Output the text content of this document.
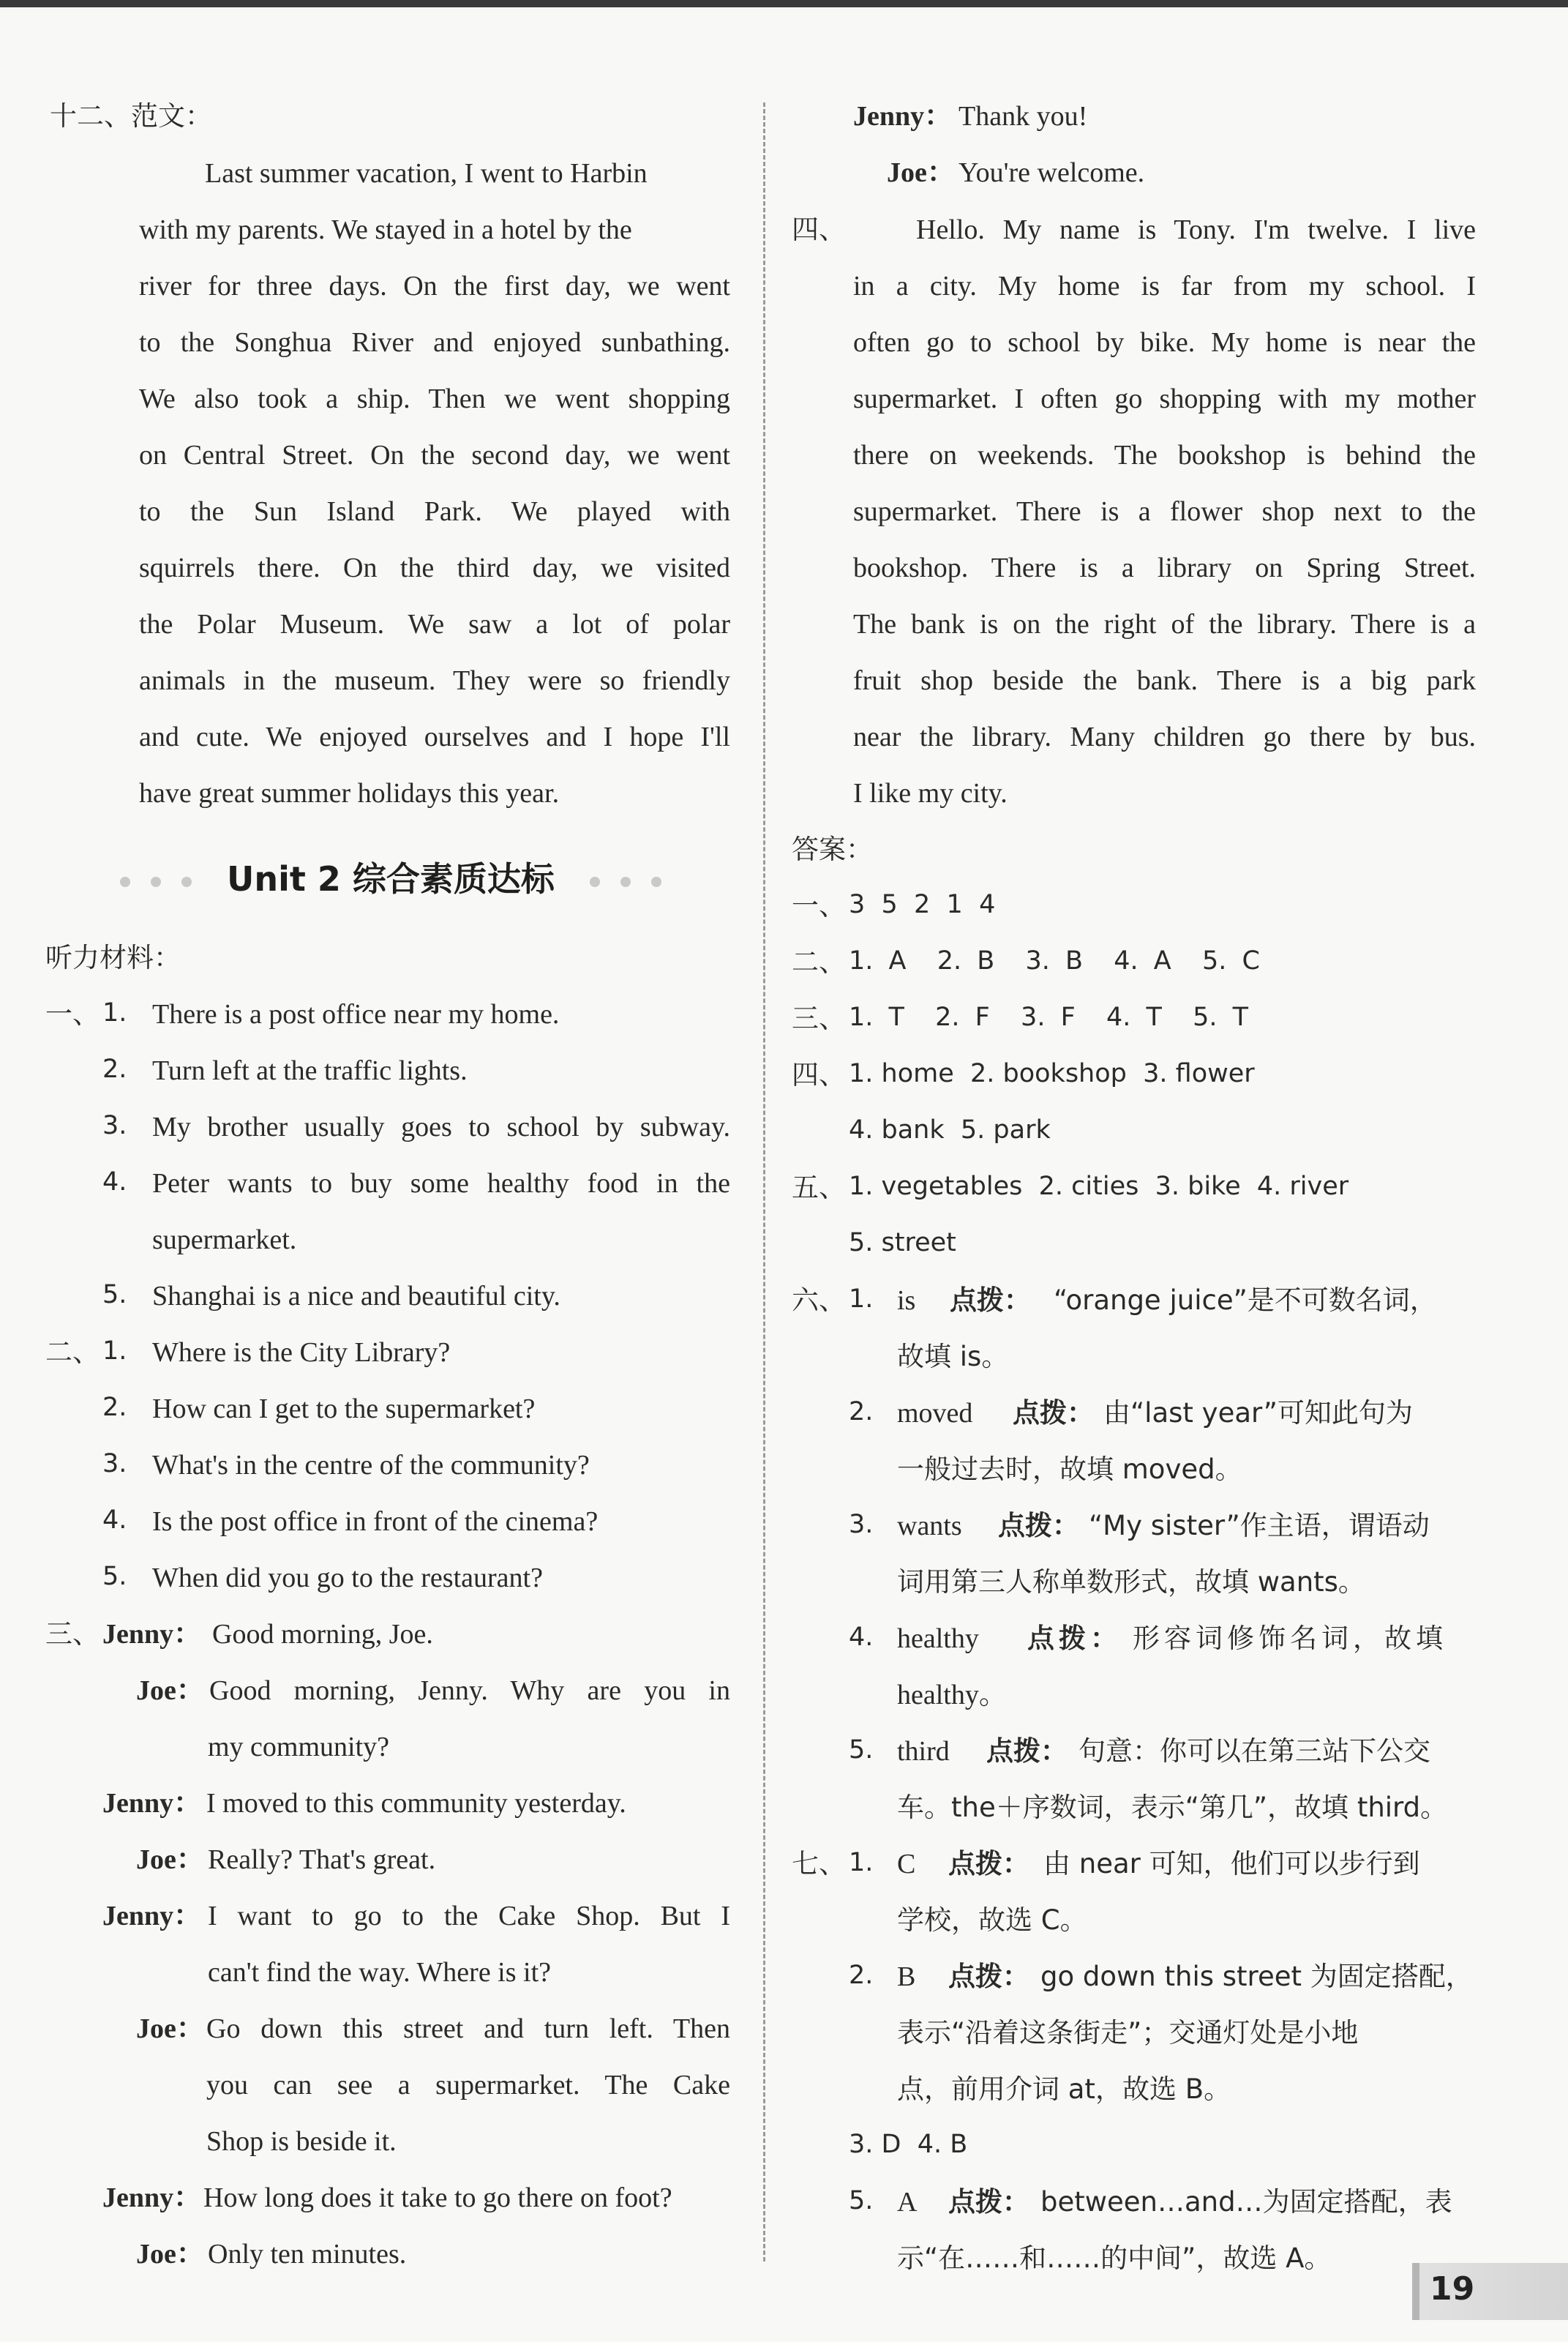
十二、范文：
Last summer vacation, I went to Harbin
with my parents. We stayed in a hotel by the
river for three days. On the first day, we went
to the Songhua River and enjoyed sunbathing.
We also took a ship. Then we went shopping
on Central Street. On the second day, we went
to the Sun Island Park. We played with
squirrels there. On the third day, we visited
the Polar Museum. We saw a lot of polar
animals in the museum. They were so friendly
and cute. We enjoyed ourselves and I hope I'll
have great summer holidays this year.
Unit 2 综合素质达标
听力材料：
一、 1. There is a post office near my home.
2. Turn left at the traffic lights.
3. My brother usually goes to school by subway.
4. Peter wants to buy some healthy food in the
supermarket.
5. Shanghai is a nice and beautiful city.
二、 1. Where is the City Library?
2. How can I get to the supermarket?
3. What's in the centre of the community?
4. Is the post office in front of the cinema?
5. When did you go to the restaurant?
三、 Jenny： Good morning, Joe.
Joe： Good morning, Jenny. Why are you in
my community?
Jenny： I moved to this community yesterday.
Joe： Really? That's great.
Jenny： I want to go to the Cake Shop. But I
can't find the way. Where is it?
Joe： Go down this street and turn left. Then
you can see a supermarket. The Cake
Shop is beside it.
Jenny： How long does it take to go there on foot?
Joe： Only ten minutes.
Jenny： Thank you!
Joe： You're welcome.
四、	Hello. My name is Tony. I'm twelve. I live
in a city. My home is far from my school. I
often go to school by bike. My home is near the
supermarket. I often go shopping with my mother
there on weekends. The bookshop is behind the
supermarket. There is a flower shop next to the
bookshop. There is a library on Spring Street.
The bank is on the right of the library. There is a
fruit shop beside the bank. There is a big park
near the library. Many children go there by bus.
I like my city.
答案：
一、 3  5  2  1  4
二、 1. A  2. B  3. B  4. A  5. C
三、 1. T  2. F  3. F  4. T  5. T
四、 1. home  2. bookshop  3. flower
4. bank  5. park
五、 1. vegetables  2. cities  3. bike  4. river
5. street
六、 1. is 点拨： “orange juice”是不可数名词，
故填 is。
2. moved 点拨： 由“last year”可知此句为
一般过去时，故填 moved。
3. wants 点拨： “My sister”作主语，谓语动
词用第三人称单数形式，故填 wants。
4. healthy 点拨： 形容词修饰名词，故填
healthy。
5. third 点拨： 句意：你可以在第三站下公交
车。the＋序数词，表示“第几”，故填 third。
七、 1. C 点拨： 由 near 可知，他们可以步行到
学校，故选 C。
2. B 点拨： go down this street 为固定搭配，
表示“沿着这条街走”；交通灯处是小地
点，前用介词 at，故选 B。
3. D  4. B
5. A 点拨： between…and…为固定搭配，表
示“在……和……的中间”，故选 A。
19
